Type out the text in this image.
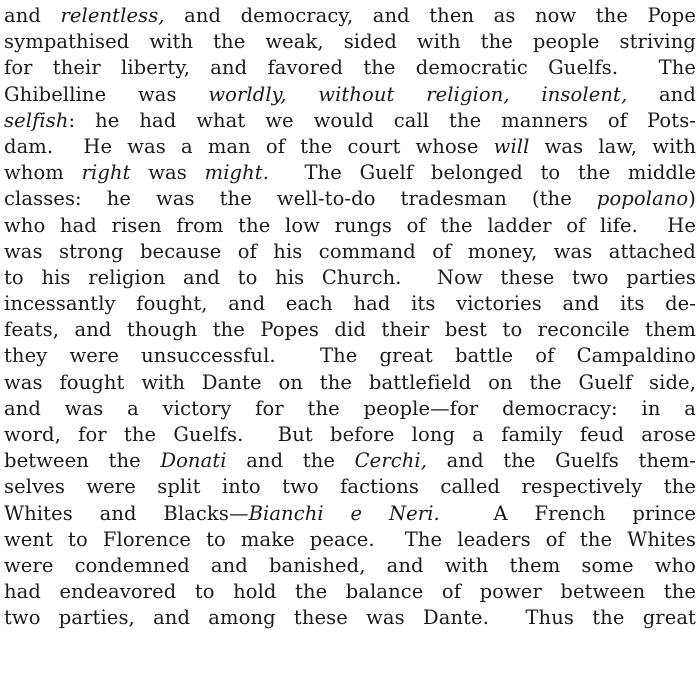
and relentless, and democracy, and then as now the Pope
sympathised with the weak, sided with the people striving
for their liberty, and favored the democratic Guelfs.  The
Ghibelline was worldly, without religion, insolent, and
selfish: he had what we would call the manners of Pots-
dam.  He was a man of the court whose will was law, with
whom right was might.  The Guelf belonged to the middle
classes: he was the well-to-do tradesman (the popolano)
who had risen from the low rungs of the ladder of life.  He
was strong because of his command of money, was attached
to his religion and to his Church.  Now these two parties
incessantly fought, and each had its victories and its de-
feats, and though the Popes did their best to reconcile them
they were unsuccessful.  The great battle of Campaldino
was fought with Dante on the battlefield on the Guelf side,
and was a victory for the people—for democracy: in a
word, for the Guelfs.  But before long a family feud arose
between the Donati and the Cerchi, and the Guelfs them-
selves were split into two factions called respectively the
Whites and Blacks—Bianchi e Neri.  A French prince
went to Florence to make peace.  The leaders of the Whites
were condemned and banished, and with them some who
had endeavored to hold the balance of power between the
two parties, and among these was Dante.  Thus the great
